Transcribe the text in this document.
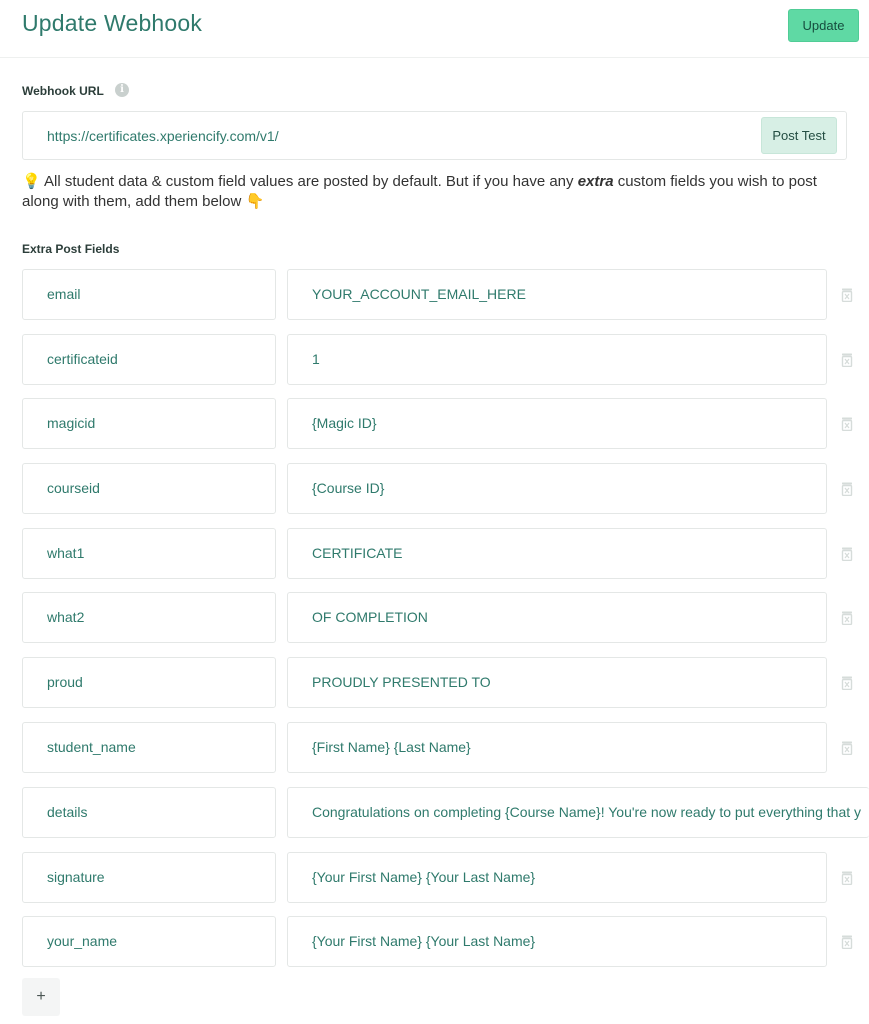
Update Webhook	Update
Webhook URL	i
https://certificates.xperiencify.com/v1/	Post Test
💡 All student data & custom field values are posted by default. But if you have any extra custom fields you wish to post along with them, add them below 👇
Extra Post Fields
email	YOUR_ACCOUNT_EMAIL_HERE
certificateid	1
magicid	{Magic ID}
courseid	{Course ID}
what1	CERTIFICATE
what2	OF COMPLETION
proud	PROUDLY PRESENTED TO
student_name	{First Name} {Last Name}
details	Congratulations on completing {Course Name}! You're now ready to put everything that y
signature	{Your First Name} {Your Last Name}
your_name	{Your First Name} {Your Last Name}
+
